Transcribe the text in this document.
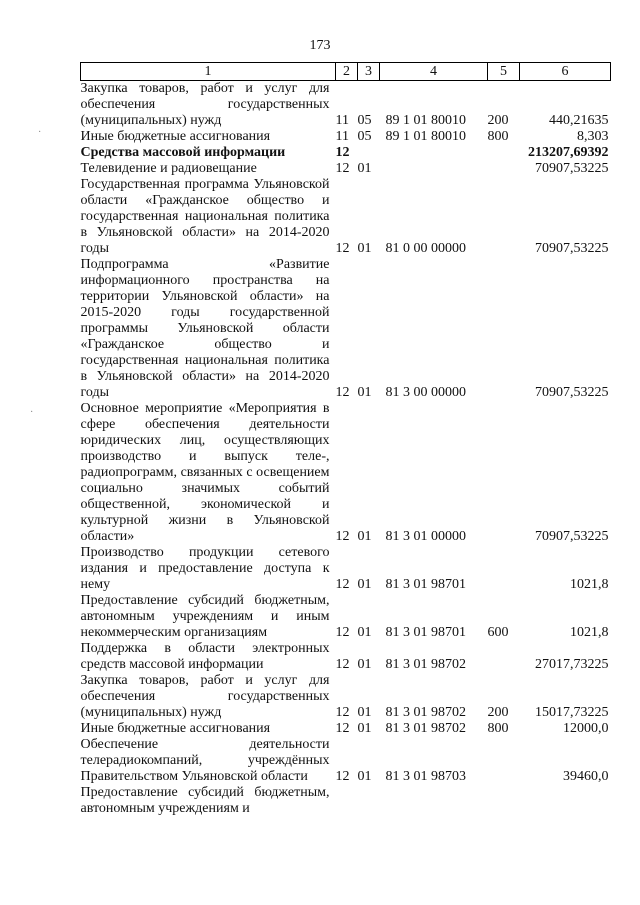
173
1	2	3	4	5	6
Закупка товаров, работ и услуг для обеспечения государственных (муниципальных) нужд	11	05	89 1 01 80010	200	440,21635
Иные бюджетные ассигнования	11	05	89 1 01 80010	800	8,303
Средства массовой информации	12				213207,69392
Телевидение и радиовещание	12	01			70907,53225
Государственная программа Ульяновской области «Гражданское общество и государственная национальная политика в Ульяновской области» на 2014-2020 годы	12	01	81 0 00 00000		70907,53225
Подпрограмма «Развитие информационного пространства на территории Ульяновской области» на 2015-2020 годы государственной программы Ульяновской области «Гражданское общество и государственная национальная политика в Ульяновской области» на 2014-2020 годы	12	01	81 3 00 00000		70907,53225
Основное мероприятие «Мероприятия в сфере обеспечения деятельности юридических лиц, осуществляющих производство и выпуск теле-, радиопрограмм, связанных с освещением социально значимых событий общественной, экономической и культурной жизни в Ульяновской области»	12	01	81 3 01 00000		70907,53225
Производство продукции сетевого издания и предоставление доступа к нему	12	01	81 3 01 98701		1021,8
Предоставление субсидий бюджетным, автономным учреждениям и иным некоммерческим организациям	12	01	81 3 01 98701	600	1021,8
Поддержка в области электронных средств массовой информации	12	01	81 3 01 98702		27017,73225
Закупка товаров, работ и услуг для обеспечения государственных (муниципальных) нужд	12	01	81 3 01 98702	200	15017,73225
Иные бюджетные ассигнования	12	01	81 3 01 98702	800	12000,0
Обеспечение деятельности телерадиокомпаний, учреждённых Правительством Ульяновской области	12	01	81 3 01 98703		39460,0
Предоставление субсидий бюджетным, автономным учреждениям и					
·
·
